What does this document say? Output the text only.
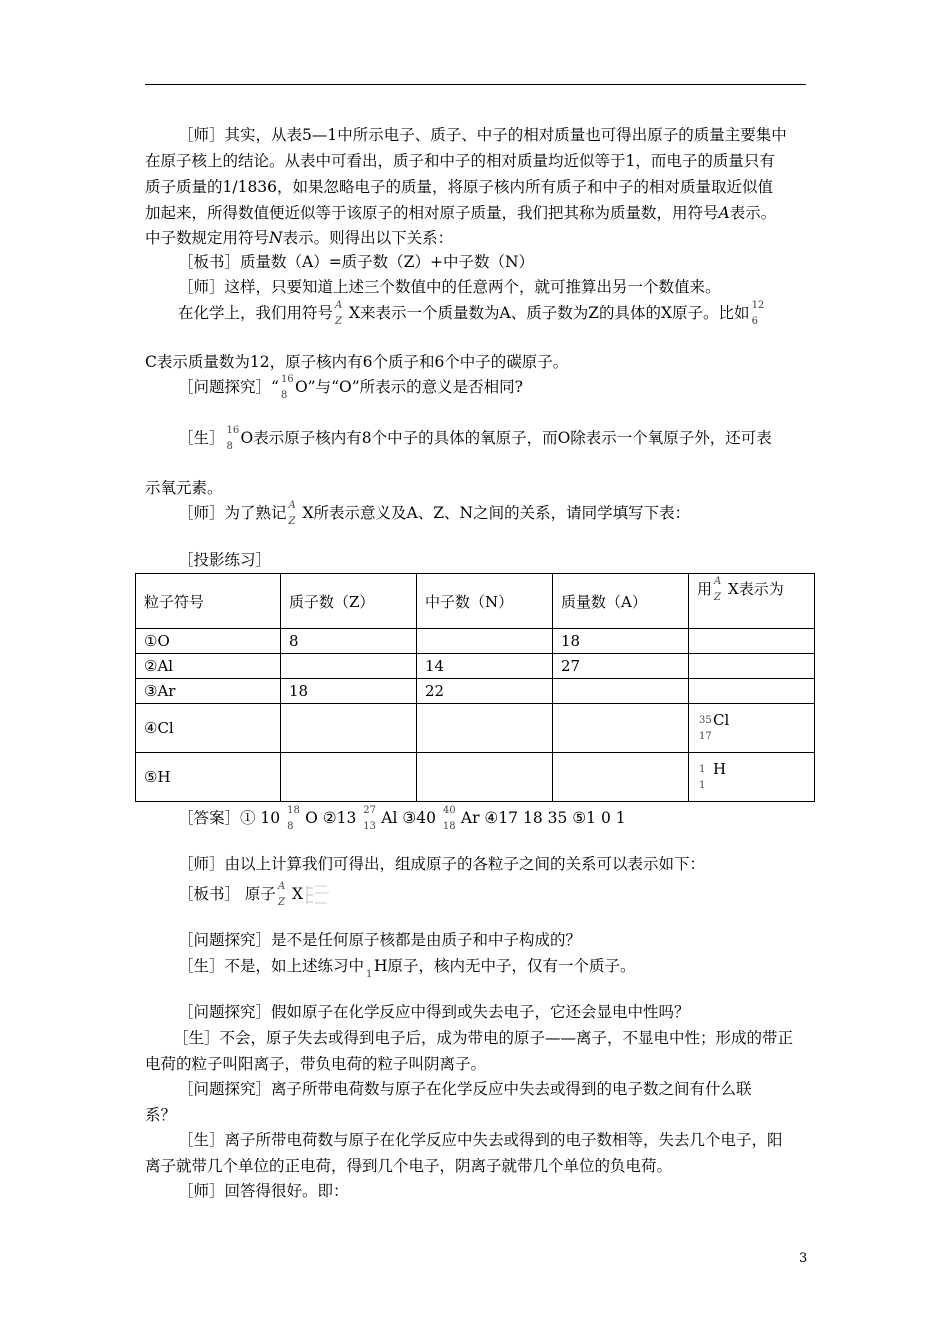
［师］其实，从表5—1中所示电子、质子、中子的相对质量也可得出原子的质量主要集中
在原子核上的结论。从表中可看出，质子和中子的相对质量均近似等于1，而电子的质量只有
质子质量的1/1836，如果忽略电子的质量，将原子核内所有质子和中子的相对质量取近似值
加起来，所得数值便近似等于该原子的相对原子质量，我们把其称为质量数，用符号A表示。
中子数规定用符号N表示。则得出以下关系：
［板书］质量数（A）=质子数（Z）+中子数（N）
［师］这样，只要知道上述三个数值中的任意两个，就可推算出另一个数值来。
在化学上，我们用符号 A
Z X来表示一个质量数为A、质子数为Z的具体的X原子。比如 12
6
C表示质量数为12，原子核内有6个质子和6个中子的碳原子。
［问题探究］“ 16
8 O”与“O”所表示的意义是否相同?
［生］ 16
8 O表示原子核内有8个中子的具体的氧原子，而O除表示一个氧原子外，还可表
示氧元素。
［师］为了熟记 A
Z X所表示意义及A、Z、N之间的关系，请同学填写下表：
［投影练习］
粒子符号	质子数（Z）	中子数（N）	质量数（A）	用 A
Z X表示为
①O	8		18	
②Al		14	27	
③Ar	18	22		
④Cl				35
17
Cl
⑤H				1
1
H
［答案］① 10 18
8 O ②13 27
13 Al ③40 40
18 Ar ④17 18 35 ⑤1 0 1
［师］由以上计算我们可得出，组成原子的各粒子之间的关系可以表示如下：
［板书］ 原子 A
Z X
［问题探究］是不是任何原子核都是由质子和中子构成的？
［生］不是，如上述练习中 1 H原子，核内无中子，仅有一个质子。
［问题探究］假如原子在化学反应中得到或失去电子，它还会显电中性吗？
［生］不会，原子失去或得到电子后，成为带电的原子——离子，不显电中性；形成的带正
电荷的粒子叫阳离子，带负电荷的粒子叫阴离子。
［问题探究］离子所带电荷数与原子在化学反应中失去或得到的电子数之间有什么联
系？
［生］离子所带电荷数与原子在化学反应中失去或得到的电子数相等，失去几个电子，阳
离子就带几个单位的正电荷，得到几个电子，阴离子就带几个单位的负电荷。
［师］回答得很好。即：
3
